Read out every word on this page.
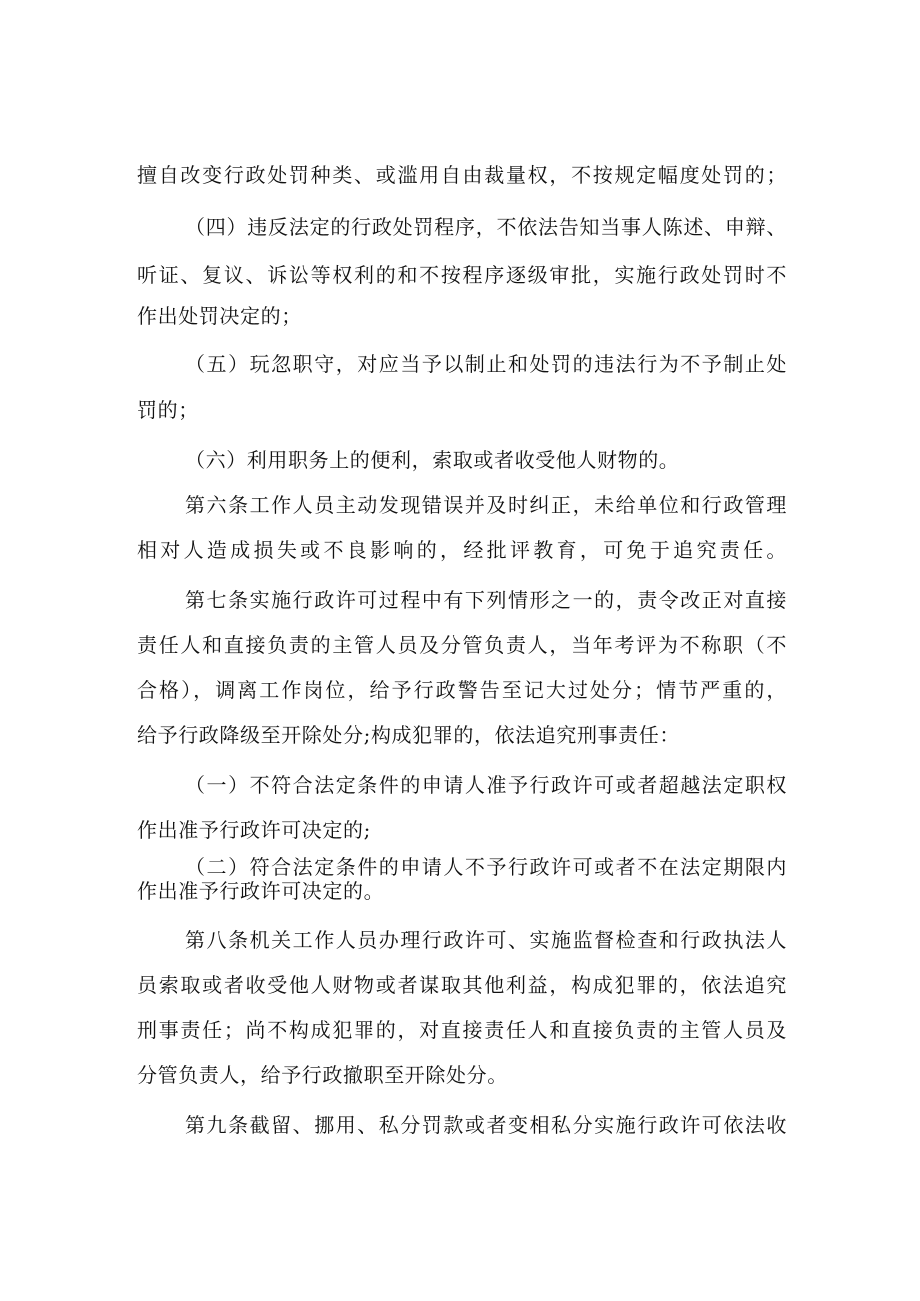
擅自改变行政处罚种类、或滥用自由裁量权，不按规定幅度处罚的；
（四）违反法定的行政处罚程序，不依法告知当事人陈述、申辩、
听证、复议、诉讼等权利的和不按程序逐级审批，实施行政处罚时不
作出处罚决定的；
（五）玩忽职守，对应当予以制止和处罚的违法行为不予制止处
罚的；
（六）利用职务上的便利，索取或者收受他人财物的。
第六条工作人员主动发现错误并及时纠正，未给单位和行政管理
相对人造成损失或不良影响的，经批评教育，可免于追究责任。
第七条实施行政许可过程中有下列情形之一的，责令改正对直接
责任人和直接负责的主管人员及分管负责人，当年考评为不称职（不
合格），调离工作岗位，给予行政警告至记大过处分；情节严重的，
给予行政降级至开除处分;构成犯罪的，依法追究刑事责任：
（一）不符合法定条件的申请人准予行政许可或者超越法定职权
作出准予行政许可决定的;
（二）符合法定条件的申请人不予行政许可或者不在法定期限内
作出准予行政许可决定的。
第八条机关工作人员办理行政许可、实施监督检查和行政执法人
员索取或者收受他人财物或者谋取其他利益，构成犯罪的，依法追究
刑事责任；尚不构成犯罪的，对直接责任人和直接负责的主管人员及
分管负责人，给予行政撤职至开除处分。
第九条截留、挪用、私分罚款或者变相私分实施行政许可依法收
